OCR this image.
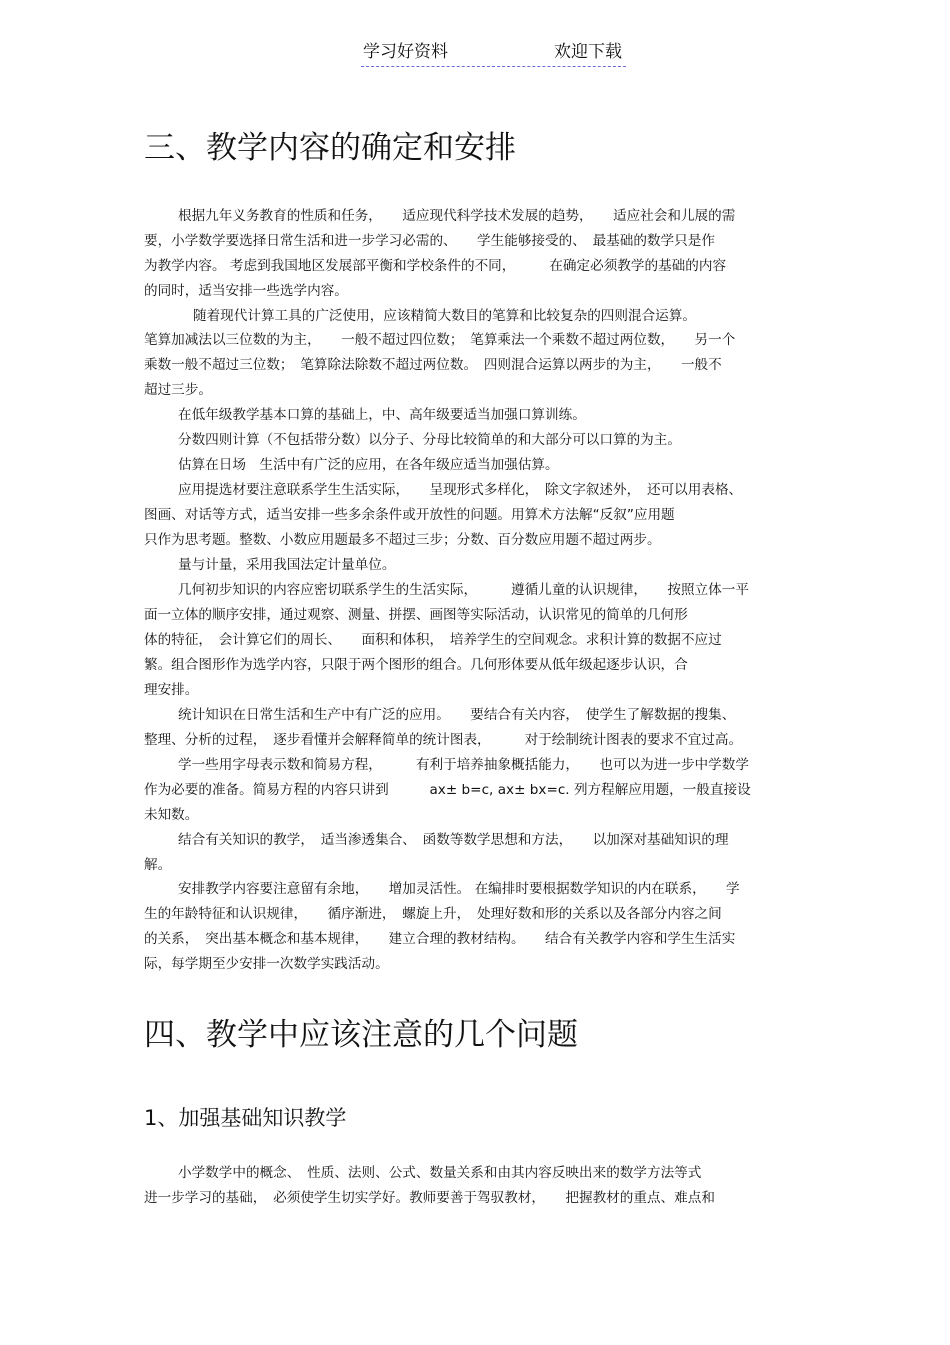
学习好资料	欢迎下载
三、教学内容的确定和安排
根据九年义务教育的性质和任务，　　适应现代科学技术发展的趋势，　　适应社会和儿展的需
要，小学数学要选择日常生活和进一步学习必需的、　　学生能够接受的、　最基础的数学只是作
为教学内容。 考虑到我国地区发展部平衡和学校条件的不同，　　　在确定必须教学的基础的内容
的同时，适当安排一些选学内容。
随着现代计算工具的广泛使用，应该精简大数目的笔算和比较复杂的四则混合运算。
笔算加减法以三位数的为主，　　一般不超过四位数；　笔算乘法一个乘数不超过两位数，　　另一个
乘数一般不超过三位数；　笔算除法除数不超过两位数。　四则混合运算以两步的为主，　　一般不
超过三步。
在低年级教学基本口算的基础上，中、高年级要适当加强口算训练。
分数四则计算（不包括带分数）以分子、分母比较简单的和大部分可以口算的为主。
估算在日场　生活中有广泛的应用，在各年级应适当加强估算。
应用提选材要注意联系学生生活实际，　　呈现形式多样化，　除文字叙述外，　还可以用表格、
图画、对话等方式，适当安排一些多余条件或开放性的问题。用算术方法解“反叙”应用题
只作为思考题。整数、小数应用题最多不超过三步；分数、百分数应用题不超过两步。
量与计量，采用我国法定计量单位。
几何初步知识的内容应密切联系学生的生活实际，　　　遵循儿童的认识规律，　　按照立体一平
面一立体的顺序安排，通过观察、测量、拼摆、画图等实际活动，认识常见的简单的几何形
体的特征，　会计算它们的周长、　　面积和体积，　培养学生的空间观念。求积计算的数据不应过
繁。组合图形作为选学内容，只限于两个图形的组合。几何形体要从低年级起逐步认识，合
理安排。
统计知识在日常生活和生产中有广泛的应用。　　要结合有关内容，　使学生了解数据的搜集、
整理、分析的过程，　逐步看懂并会解释简单的统计图表，　　　对于绘制统计图表的要求不宜过高。
学一些用字母表示数和简易方程，　　　有利于培养抽象概括能力，　　也可以为进一步中学数学
作为必要的准备。简易方程的内容只讲到　　　ax± b=c, ax± bx=c. 列方程解应用题，一般直接设
未知数。
结合有关知识的教学，　适当渗透集合、　函数等数学思想和方法，　　以加深对基础知识的理
解。
安排教学内容要注意留有余地，　　增加灵活性。 在编排时要根据数学知识的内在联系，　　学
生的年龄特征和认识规律，　　循序渐进，　螺旋上升，　处理好数和形的关系以及各部分内容之间
的关系，　突出基本概念和基本规律，　　建立合理的教材结构。　　结合有关教学内容和学生生活实
际，每学期至少安排一次数学实践活动。
四、教学中应该注意的几个问题
1、加强基础知识教学
小学数学中的概念、　性质、法则、公式、数量关系和由其内容反映出来的数学方法等式
进一步学习的基础，　必须使学生切实学好。教师要善于驾驭教材，　　把握教材的重点、难点和
